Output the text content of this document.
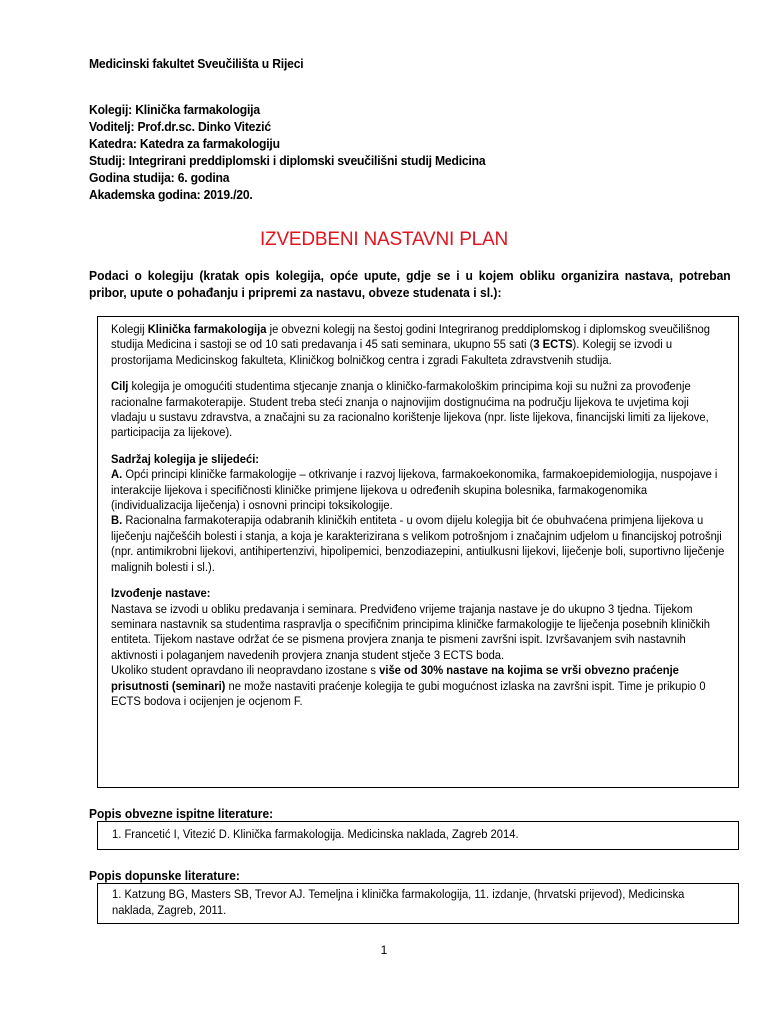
Medicinski fakultet Sveučilišta u Rijeci
Kolegij: Klinička farmakologija
Voditelj: Prof.dr.sc. Dinko Vitezić
Katedra: Katedra za farmakologiju
Studij: Integrirani preddiplomski i diplomski sveučilišni studij Medicina
Godina studija: 6. godina
Akademska godina: 2019./20.
IZVEDBENI NASTAVNI PLAN
Podaci o kolegiju (kratak opis kolegija, opće upute, gdje se i u kojem obliku organizira nastava, potreban pribor, upute o pohađanju i pripremi za nastavu, obveze studenata i sl.):

Kolegij Klinička farmakologija je obvezni kolegij na šestoj godini Integriranog preddiplomskog i diplomskog sveučilišnog studija Medicina i sastoji se od 10 sati predavanja i 45 sati seminara, ukupno 55 sati (3 ECTS). Kolegij se izvodi u prostorijama Medicinskog fakulteta, Kliničkog bolničkog centra i zgradi Fakulteta zdravstvenih studija.

Cilj kolegija je omogućiti studentima stjecanje znanja o kliničko-farmakološkim principima koji su nužni za provođenje racionalne farmakoterapije. Student treba steći znanja o najnovijim dostignućima na području lijekova te uvjetima koji vladaju u sustavu zdravstva, a značajni su za racionalno korištenje lijekova (npr. liste lijekova, financijski limiti za lijekove, participacija za lijekove).

Sadržaj kolegija je slijedeći:
A. Opći principi kliničke farmakologije – otkrivanje i razvoj lijekova, farmakoekonomika, farmakoepidemiologija, nuspojave i interakcije lijekova i specifičnosti kliničke primjene lijekova u određenih skupina bolesnika, farmakogenomika (individualizacija liječenja) i osnovni principi toksikologije.
B. Racionalna farmakoterapija odabranih kliničkih entiteta - u ovom dijelu kolegija bit će obuhvaćena primjena lijekova u liječenju najčešćih bolesti i stanja, a koja je karakterizirana s velikom potrošnjom i značajnim udjelom u financijskoj potrošnji (npr. antimikrobni lijekovi, antihipertenzivi, hipolipemici, benzodiazepini, antiulkusni lijekovi, liječenje boli, suportivno liječenje malignih bolesti i sl.).

Izvođenje nastave:
Nastava se izvodi u obliku predavanja i seminara. Predviđeno vrijeme trajanja nastave je do ukupno 3 tjedna. Tijekom seminara nastavnik sa studentima raspravlja o specifičnim principima kliničke farmakologije te liječenja posebnih kliničkih entiteta. Tijekom nastave održat će se pismena provjera znanja te pismeni završni ispit. Izvršavanjem svih nastavnih aktivnosti i polaganjem navedenih provjera znanja student stječe 3 ECTS boda.
Ukoliko student opravdano ili neopravdano izostane s više od 30% nastave na kojima se vrši obvezno praćenje prisutnosti (seminari) ne može nastaviti praćenje kolegija te gubi mogućnost izlaska na završni ispit. Time je prikupio 0 ECTS bodova i ocijenjen je ocjenom F.

Popis obvezne ispitne literature:
1. Francetić I, Vitezić D. Klinička farmakologija. Medicinska naklada, Zagreb 2014.
Popis dopunske literature:
1. Katzung BG, Masters SB, Trevor AJ. Temeljna i klinička farmakologija, 11. izdanje, (hrvatski prijevod), Medicinska naklada, Zagreb, 2011.
1
